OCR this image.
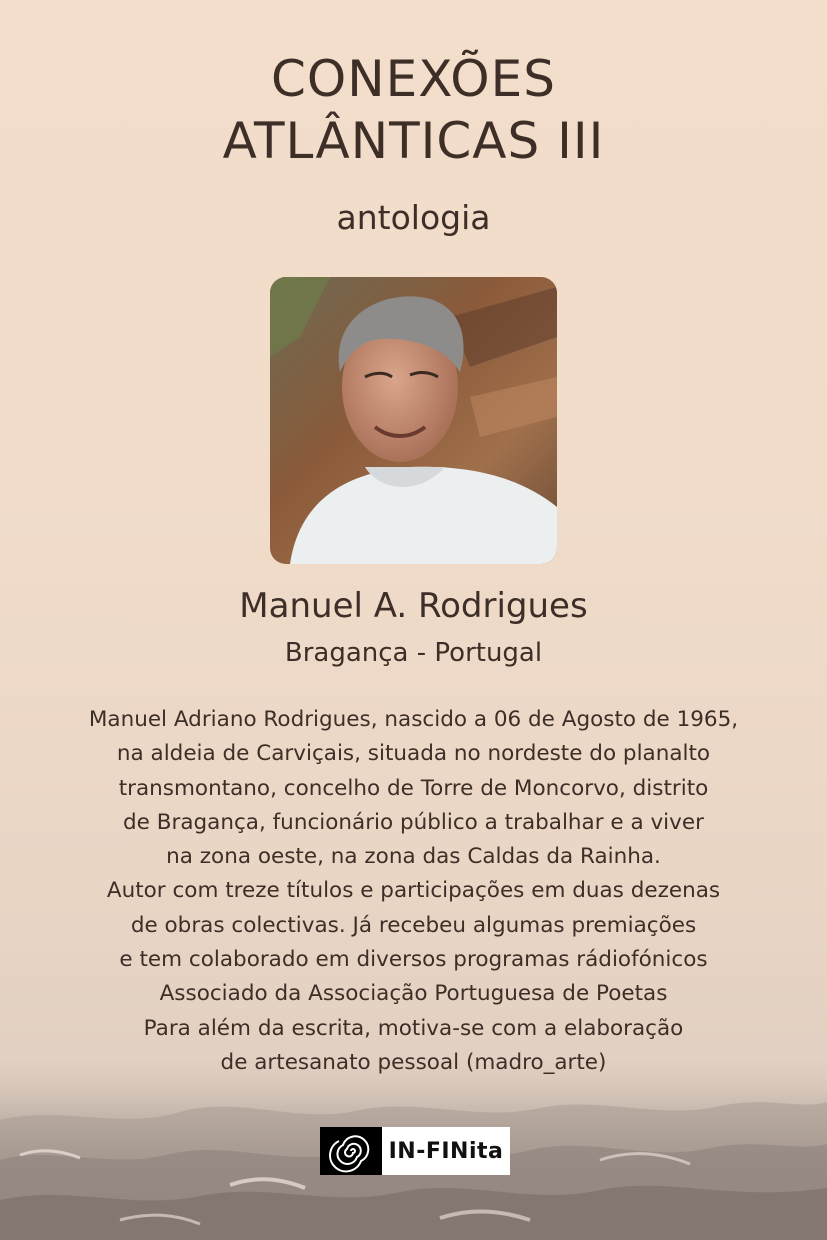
CONEXÕES
ATLÂNTICAS III
antologia
Manuel A. Rodrigues
Bragança - Portugal
Manuel Adriano Rodrigues, nascido a 06 de Agosto de 1965,
na aldeia de Carviçais, situada no nordeste do planalto
transmontano, concelho de Torre de Moncorvo, distrito
de Bragança, funcionário público a trabalhar e a viver
na zona oeste, na zona das Caldas da Rainha.
Autor com treze títulos e participações em duas dezenas
de obras colectivas. Já recebeu algumas premiações
e tem colaborado em diversos programas rádiofónicos
Associado da Associação Portuguesa de Poetas
Para além da escrita, motiva-se com a elaboração
de artesanato pessoal (madro_arte)
IN-FINita
